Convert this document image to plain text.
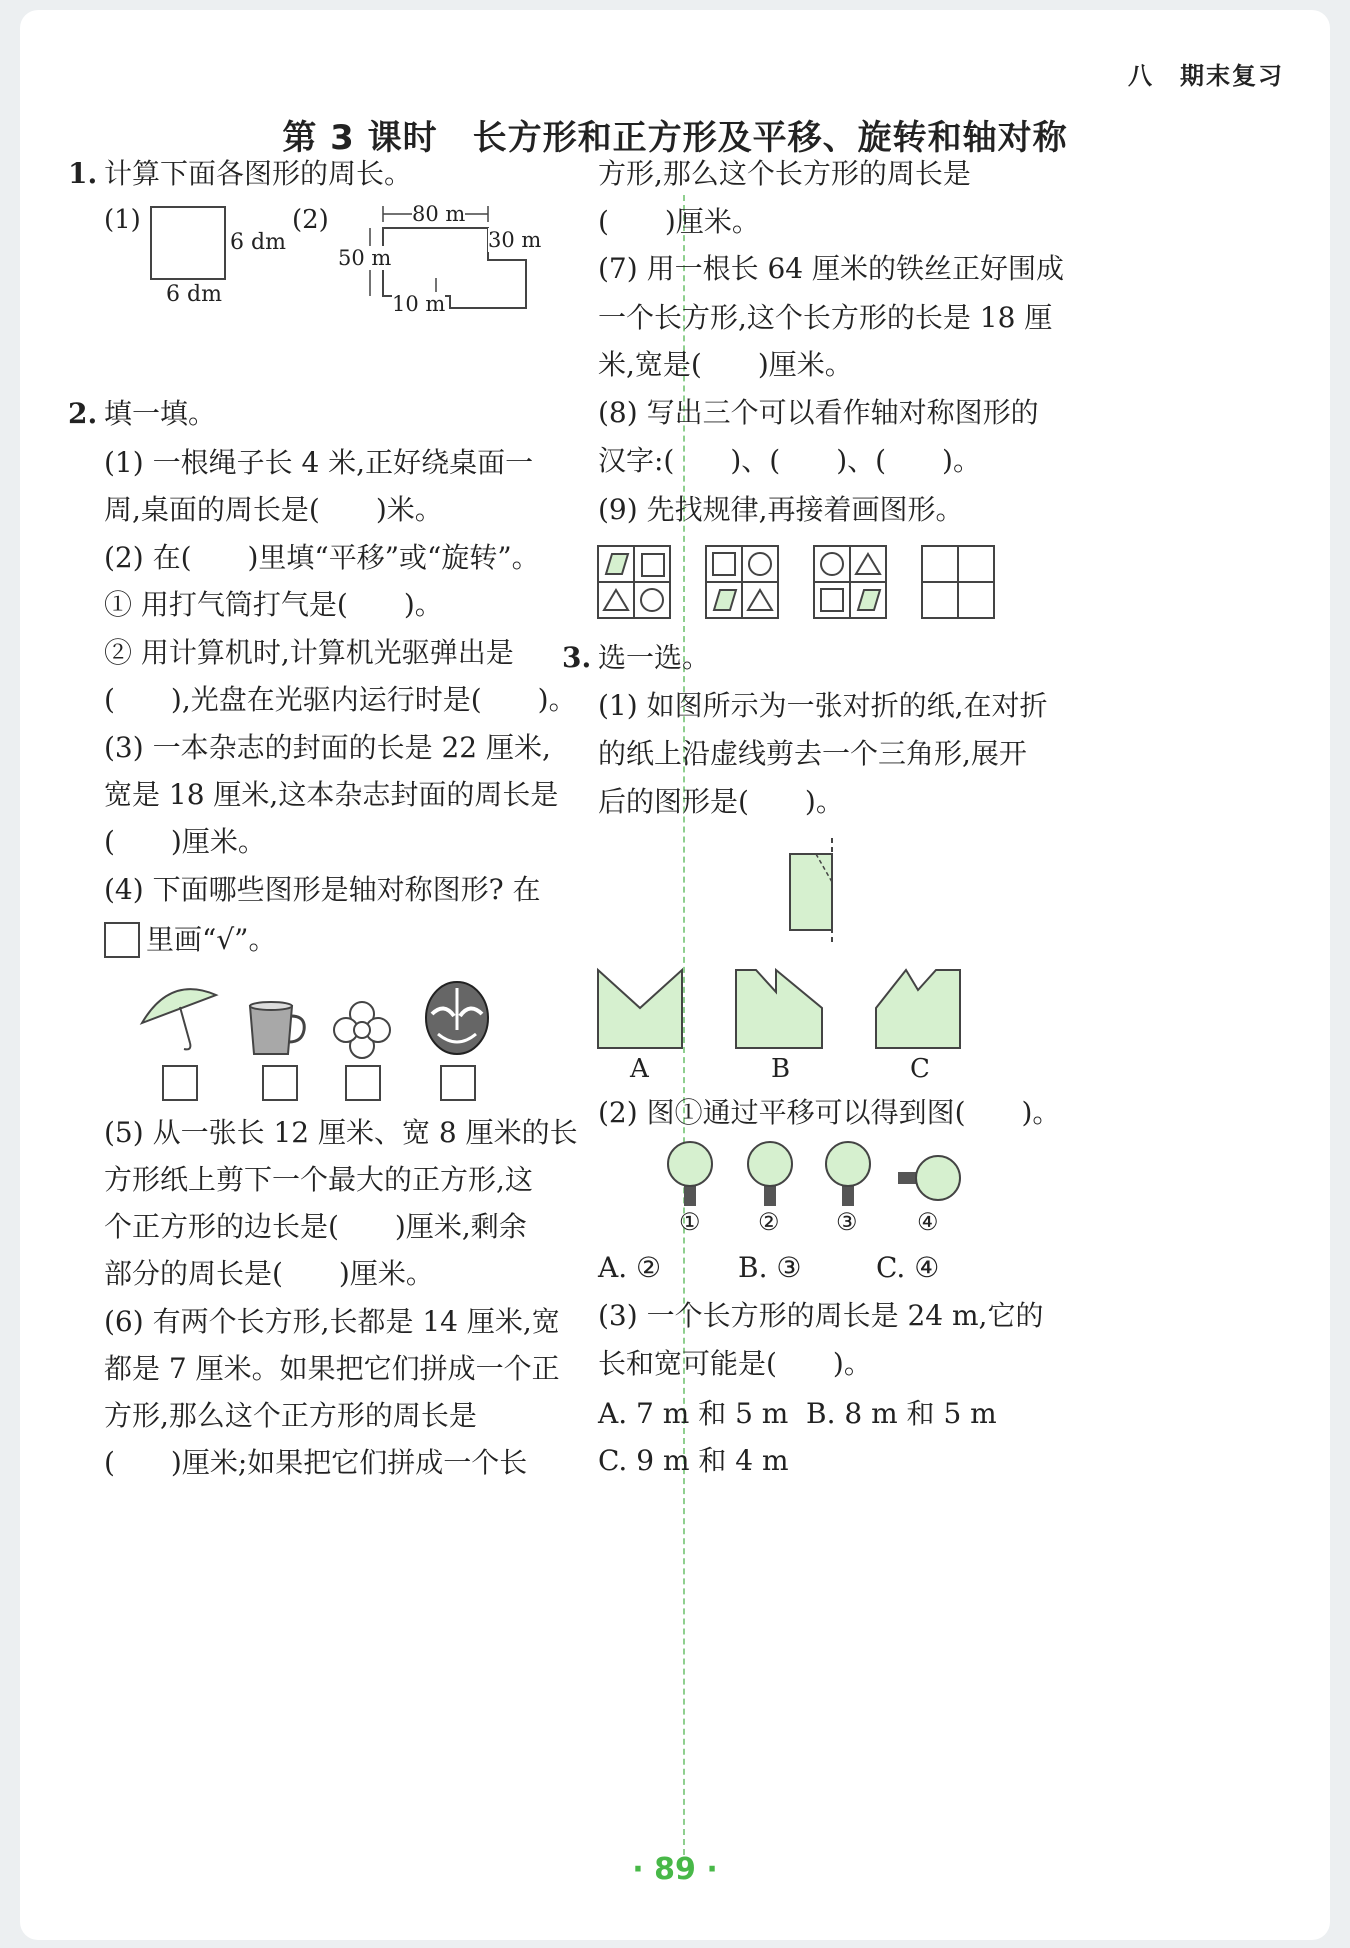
八　期末复习
第 3 课时　长方形和正方形及平移、旋转和轴对称
1. 计算下面各图形的周长。
(1)
6 dm
6 dm
(2)	80 m
30 m
50 m
10 m
2. 填一填。
(1) 一根绳子长 4 米,正好绕桌面一
周,桌面的周长是(　　)米。
(2) 在(　　)里填“平移”或“旋转”。
① 用打气筒打气是(　　)。
② 用计算机时,计算机光驱弹出是
(　　),光盘在光驱内运行时是(　　)。
(3) 一本杂志的封面的长是 22 厘米,
宽是 18 厘米,这本杂志封面的周长是
(　　)厘米。
(4) 下面哪些图形是轴对称图形? 在
里画“√”。
(5) 从一张长 12 厘米、宽 8 厘米的长
方形纸上剪下一个最大的正方形,这
个正方形的边长是(　　)厘米,剩余
部分的周长是(　　)厘米。
(6) 有两个长方形,长都是 14 厘米,宽
都是 7 厘米。如果把它们拼成一个正
方形,那么这个正方形的周长是
(　　)厘米;如果把它们拼成一个长
方形,那么这个长方形的周长是
(　　)厘米。
(7) 用一根长 64 厘米的铁丝正好围成
一个长方形,这个长方形的长是 18 厘
米,宽是(　　)厘米。
(8) 写出三个可以看作轴对称图形的
汉字:(　　)、(　　)、(　　)。
(9) 先找规律,再接着画图形。
3. 选一选。
(1) 如图所示为一张对折的纸,在对折
的纸上沿虚线剪去一个三角形,展开
后的图形是(　　)。
A	B	C
(2) 图①通过平移可以得到图(　　)。
① ② ③ ④
A. ②	B. ③	C. ④
(3) 一个长方形的周长是 24 m,它的
长和宽可能是(　　)。
A. 7 m 和 5 m B. 8 m 和 5 m
C. 9 m 和 4 m
· 89 ·
